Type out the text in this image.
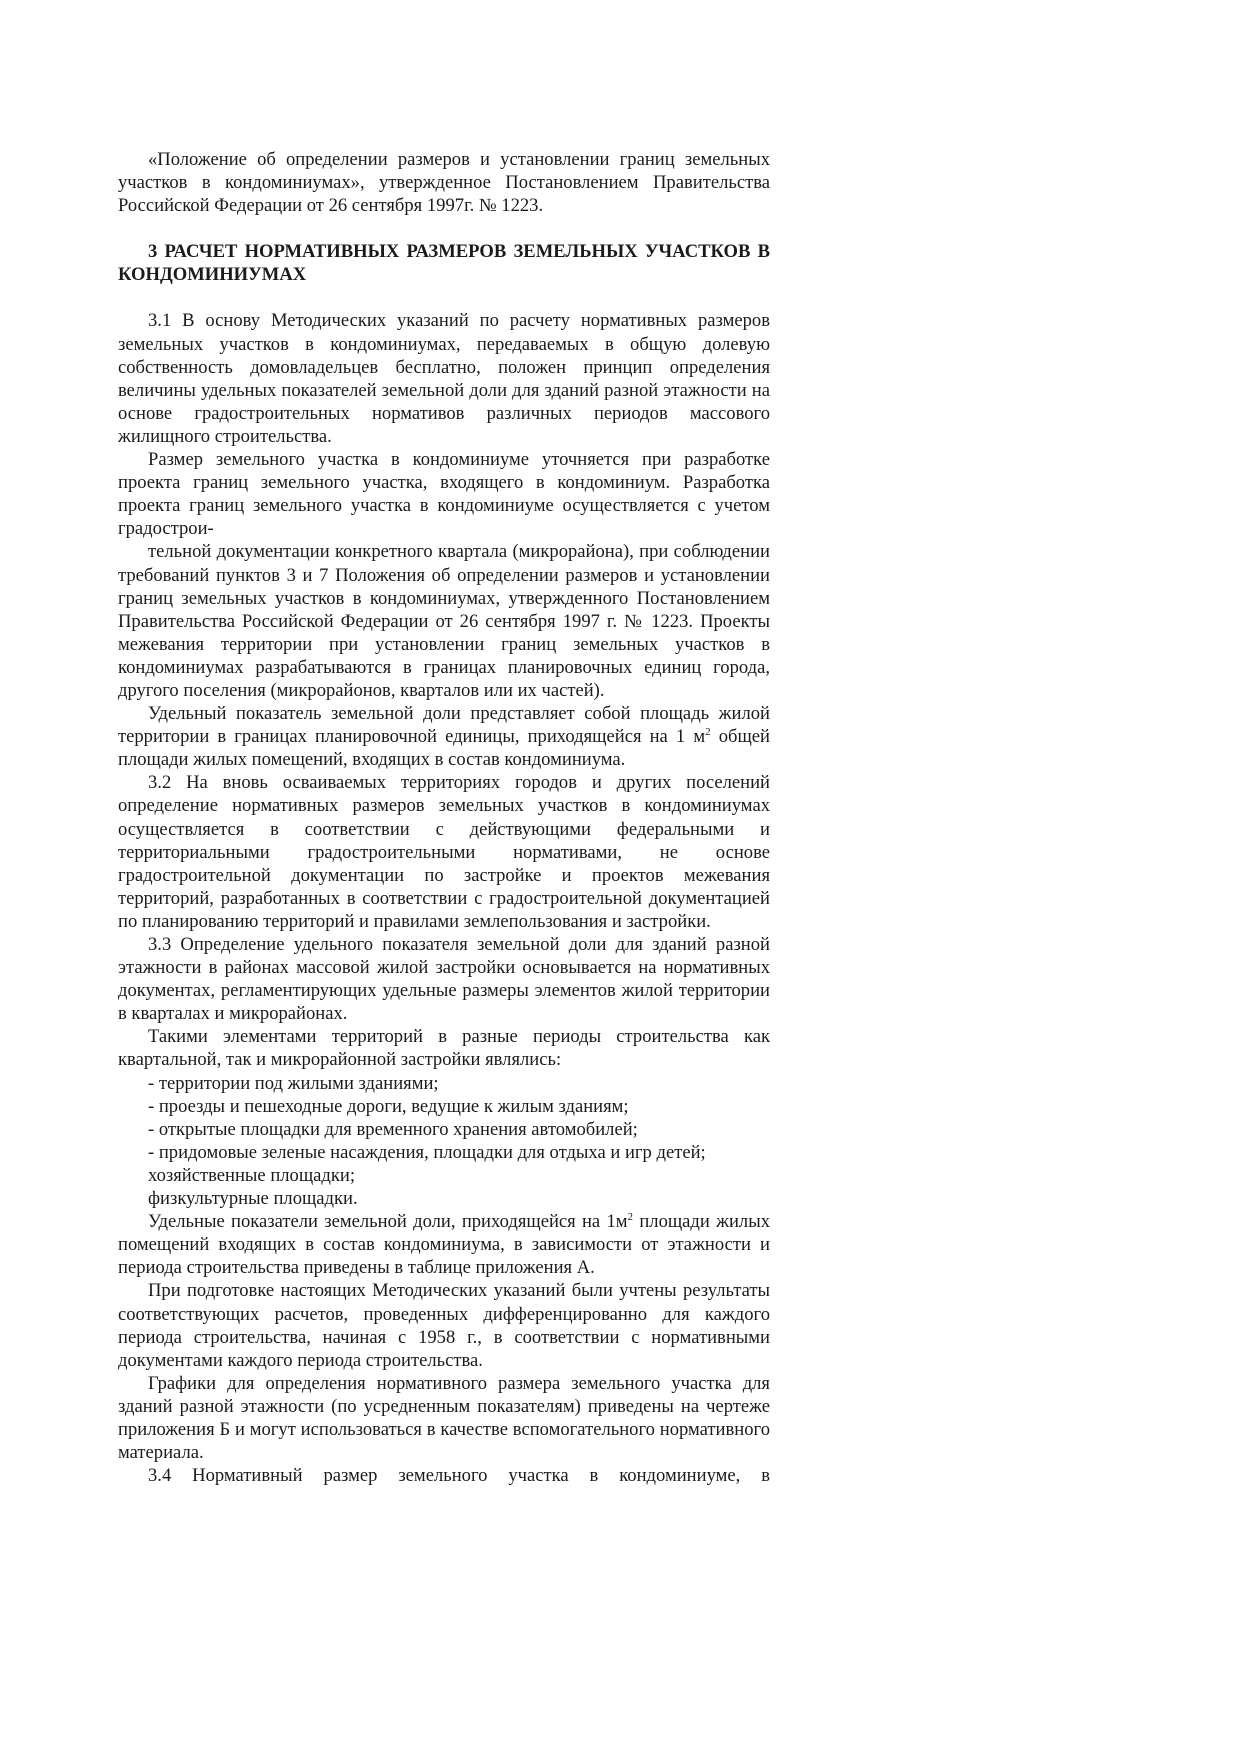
«Положение об определении размеров и установлении границ земельных участков в кондоминиумах», утвержденное Постановлением Правительства Российской Федерации от 26 сентября 1997г. № 1223.

3 РАСЧЕТ НОРМАТИВНЫХ РАЗМЕРОВ ЗЕМЕЛЬНЫХ УЧАСТКОВ В КОНДОМИНИУМАХ

3.1 В основу Методических указаний по расчету нормативных размеров земельных участков в кондоминиумах, передаваемых в общую долевую собственность домовладельцев бесплатно, положен принцип определения величины удельных показателей земельной доли для зданий разной этажности на основе градостроительных нормативов различных периодов массового жилищного строительства.

Размер земельного участка в кондоминиуме уточняется при разработке проекта границ земельного участка, входящего в кондоминиум. Разработка проекта границ земельного участка в кондоминиуме осуществляется с учетом градострои-

тельной документации конкретного квартала (микрорайона), при соблюдении требований пунктов 3 и 7 Положения об определении размеров и установлении границ земельных участков в кондоминиумах, утвержденного Постановлением Правительства Российской Федерации от 26 сентября 1997 г. № 1223. Проекты межевания территории при установлении границ земельных участков в кондоминиумах разрабатываются в границах планировочных единиц города, другого поселения (микрорайонов, кварталов или их частей).

Удельный показатель земельной доли представляет собой площадь жилой территории в границах планировочной единицы, приходящейся на 1 $м^2$ общей площади жилых помещений, входящих в состав кондоминиума.

3.2 На вновь осваиваемых территориях городов и других поселений определение нормативных размеров земельных участков в кондоминиумах осуществляется в соответствии с действующими федеральными и территориальными градостроительными нормативами, не основе градостроительной документации по застройке и проектов межевания территорий, разработанных в соответствии с градостроительной документацией по планированию территорий и правилами землепользования и застройки.

3.3 Определение удельного показателя земельной доли для зданий разной этажности в районах массовой жилой застройки основывается на нормативных документах, регламентирующих удельные размеры элементов жилой территории в кварталах и микрорайонах.

Такими элементами территорий в разные периоды строительства как квартальной, так и микрорайонной застройки являлись:

- территории под жилыми зданиями;

- проезды и пешеходные дороги, ведущие к жилым зданиям;

- открытые площадки для временного хранения автомобилей;

- придомовые зеленые насаждения, площадки для отдыха и игр детей;

хозяйственные площадки;

физкультурные площадки.

Удельные показатели земельной доли, приходящейся на $1м^2$ площади жилых помещений входящих в состав кондоминиума, в зависимости от этажности и периода строительства приведены в таблице приложения А.

При подготовке настоящих Методических указаний были учтены результаты соответствующих расчетов, проведенных дифференцированно для каждого периода строительства, начиная с 1958 г., в соответствии с нормативными документами каждого периода строительства.

Графики для определения нормативного размера земельного участка для зданий разной этажности (по усредненным показателям) приведены на чертеже приложения Б и могут использоваться в качестве вспомогательного нормативного материала.

3.4 Нормативный размер земельного участка в кондоминиуме, в
